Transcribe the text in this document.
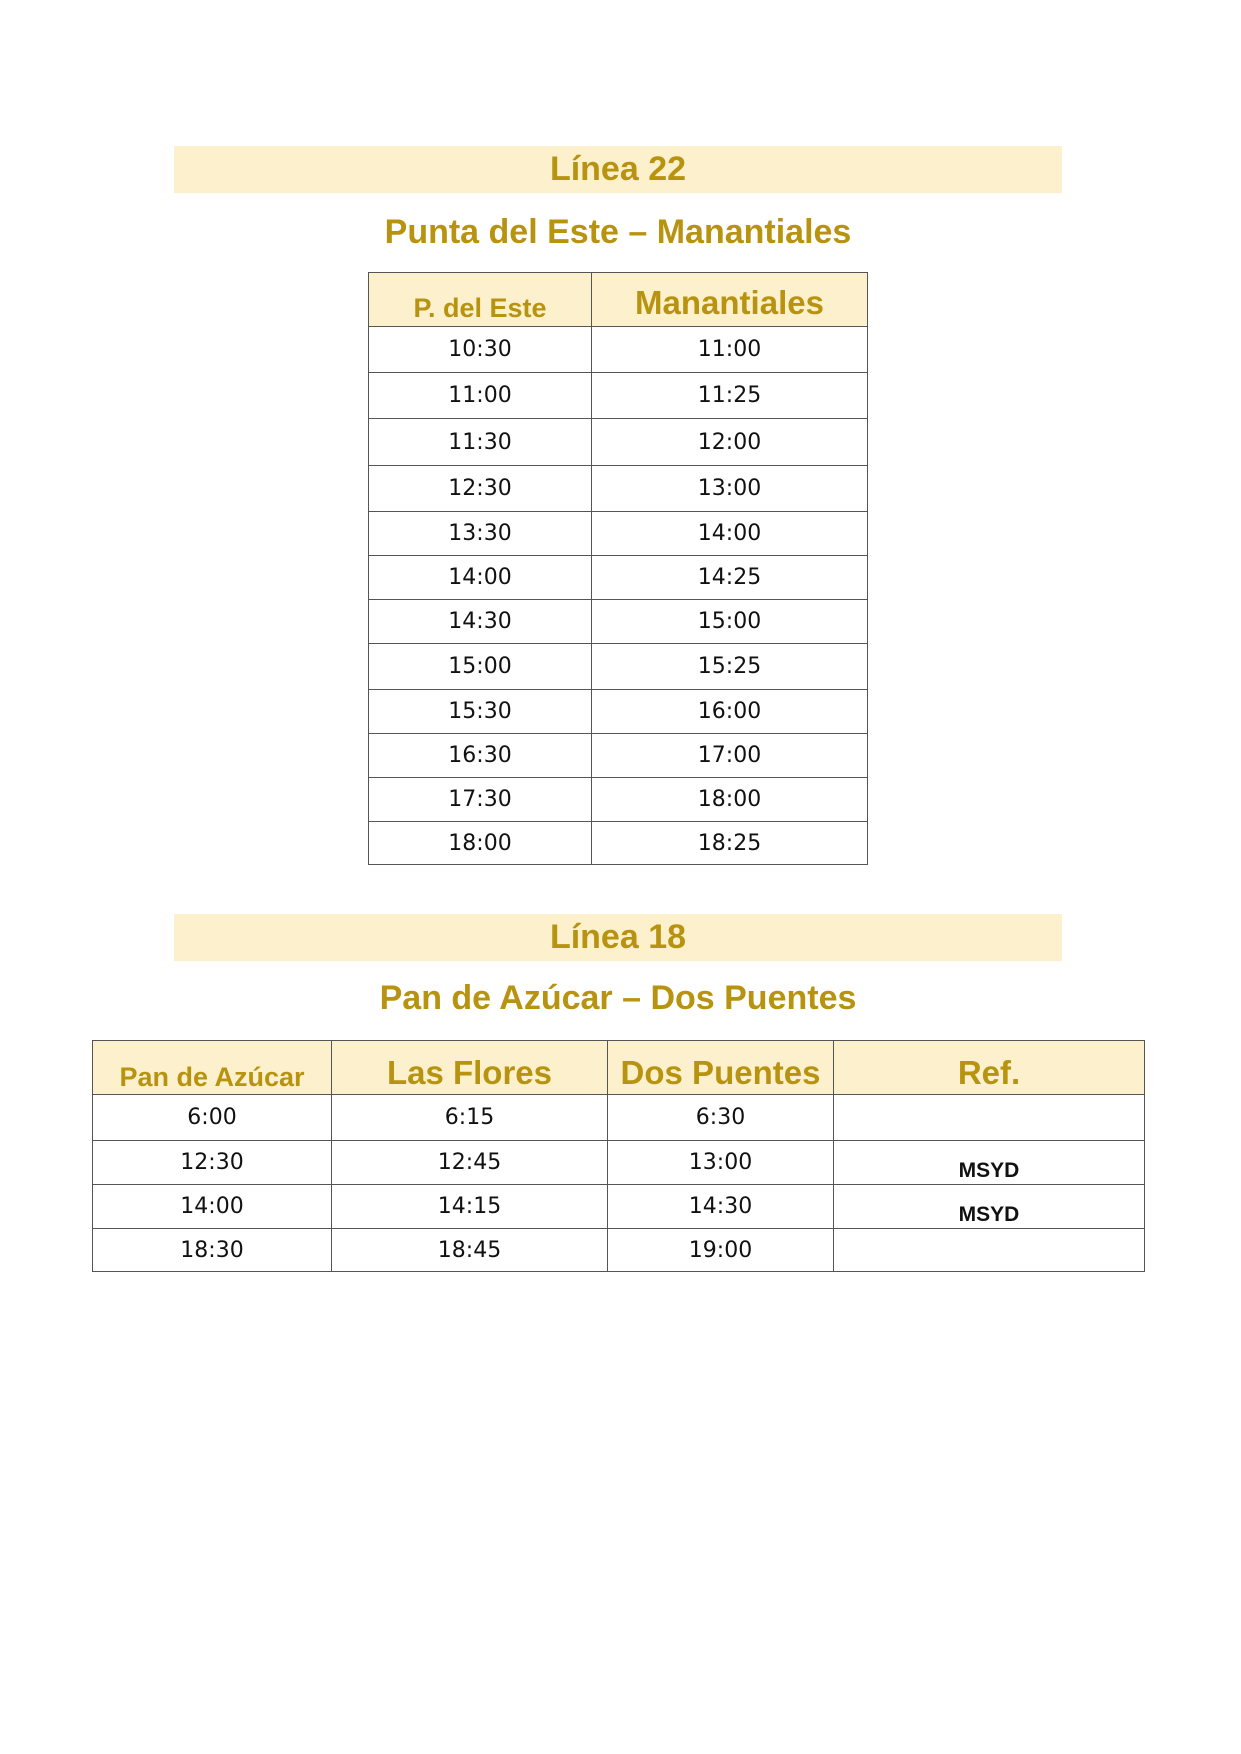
Línea 22
Punta del Este – Manantiales
P. del Este	Manantiales
10:30	11:00
11:00	11:25
11:30	12:00
12:30	13:00
13:30	14:00
14:00	14:25
14:30	15:00
15:00	15:25
15:30	16:00
16:30	17:00
17:30	18:00
18:00	18:25
Línea 18
Pan de Azúcar – Dos Puentes
Pan de Azúcar	Las Flores	Dos Puentes	Ref.
6:00	6:15	6:30	
12:30	12:45	13:00	MSYD
14:00	14:15	14:30	MSYD
18:30	18:45	19:00	
